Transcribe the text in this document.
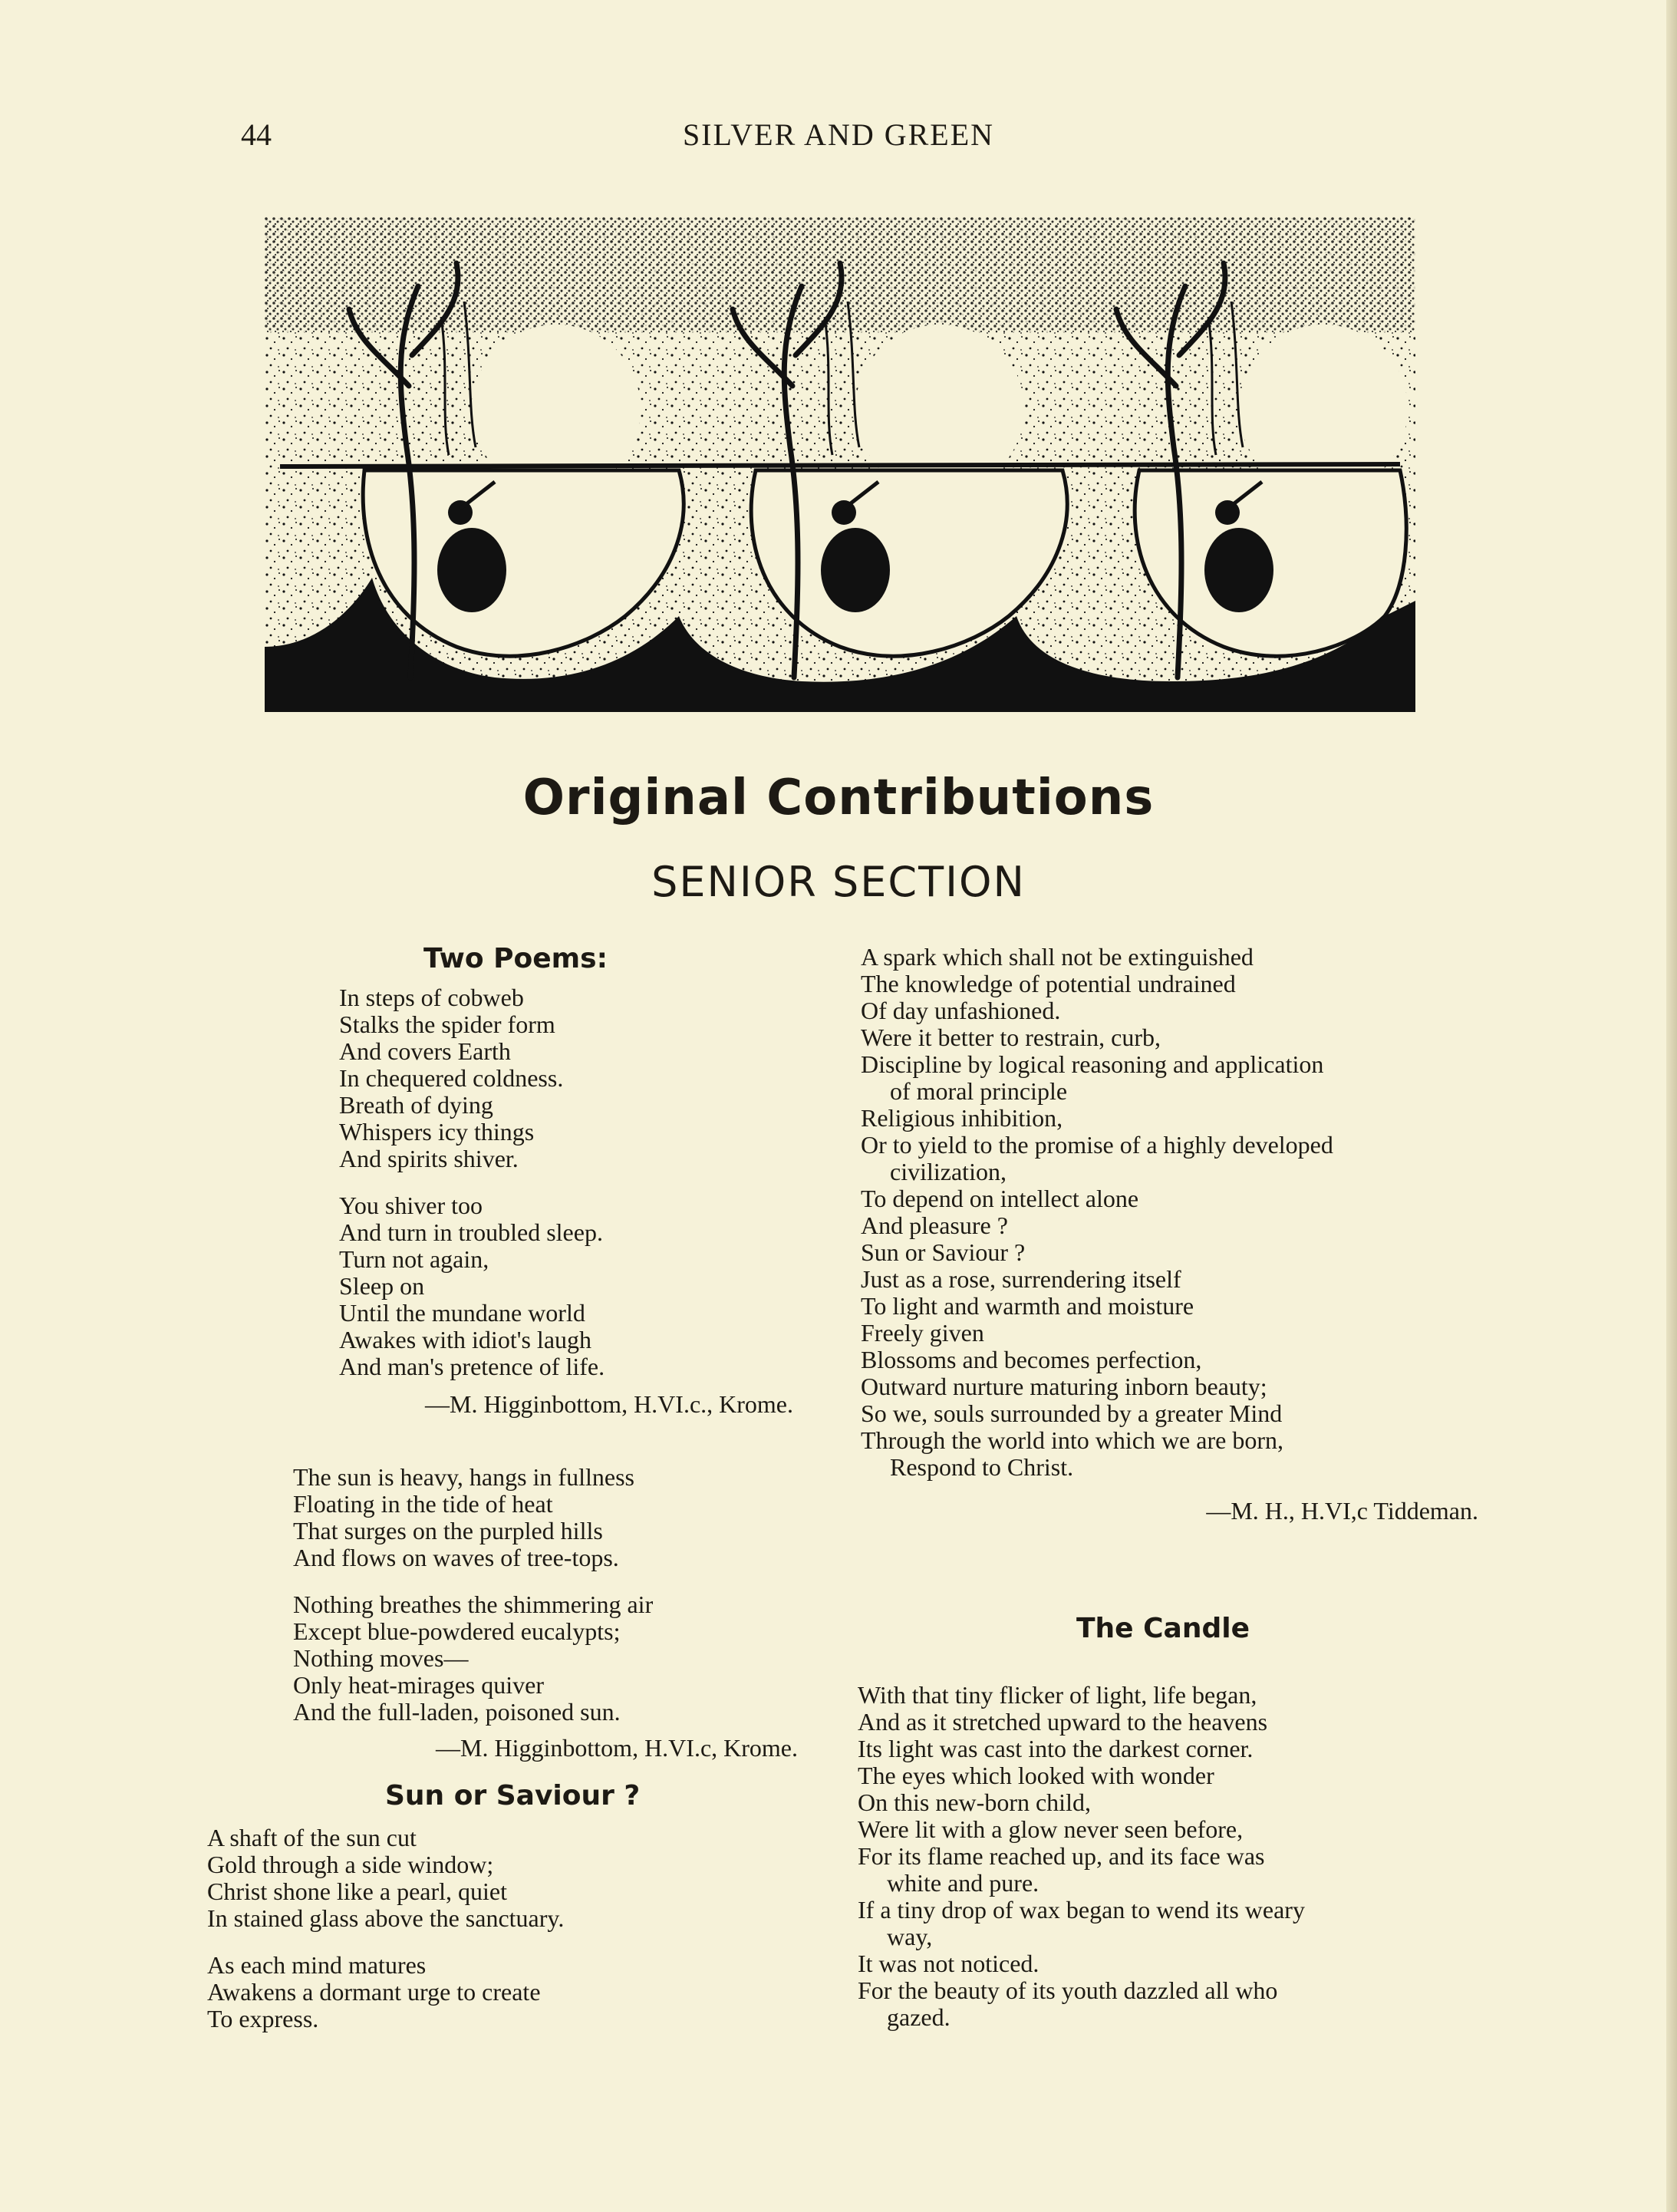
44	SILVER AND GREEN
Original Contributions
SENIOR SECTION
Two Poems:
In steps of cobweb
Stalks the spider form
And covers Earth
In chequered coldness.
Breath of dying
Whispers icy things
And spirits shiver.
You shiver too
And turn in troubled sleep.
Turn not again,
Sleep on
Until the mundane world
Awakes with idiot's laugh
And man's pretence of life.
—M. Higginbottom, H.VI.c., Krome.
The sun is heavy, hangs in fullness
Floating in the tide of heat
That surges on the purpled hills
And flows on waves of tree-tops.
Nothing breathes the shimmering air
Except blue-powdered eucalypts;
Nothing moves—
Only heat-mirages quiver
And the full-laden, poisoned sun.
—M. Higginbottom, H.VI.c, Krome.
Sun or Saviour ?
A shaft of the sun cut
Gold through a side window;
Christ shone like a pearl, quiet
In stained glass above the sanctuary.
As each mind matures
Awakens a dormant urge to create
To express.
A spark which shall not be extinguished
The knowledge of potential undrained
Of day unfashioned.
Were it better to restrain, curb,
Discipline by logical reasoning and application
of moral principle
Religious inhibition,
Or to yield to the promise of a highly developed
civilization,
To depend on intellect alone
And pleasure ?
Sun or Saviour ?
Just as a rose, surrendering itself
To light and warmth and moisture
Freely given
Blossoms and becomes perfection,
Outward nurture maturing inborn beauty;
So we, souls surrounded by a greater Mind
Through the world into which we are born,
Respond to Christ.
—M. H., H.VI,c Tiddeman.
The Candle
With that tiny flicker of light, life began,
And as it stretched upward to the heavens
Its light was cast into the darkest corner.
The eyes which looked with wonder
On this new-born child,
Were lit with a glow never seen before,
For its flame reached up, and its face was
white and pure.
If a tiny drop of wax began to wend its weary
way,
It was not noticed.
For the beauty of its youth dazzled all who
gazed.
